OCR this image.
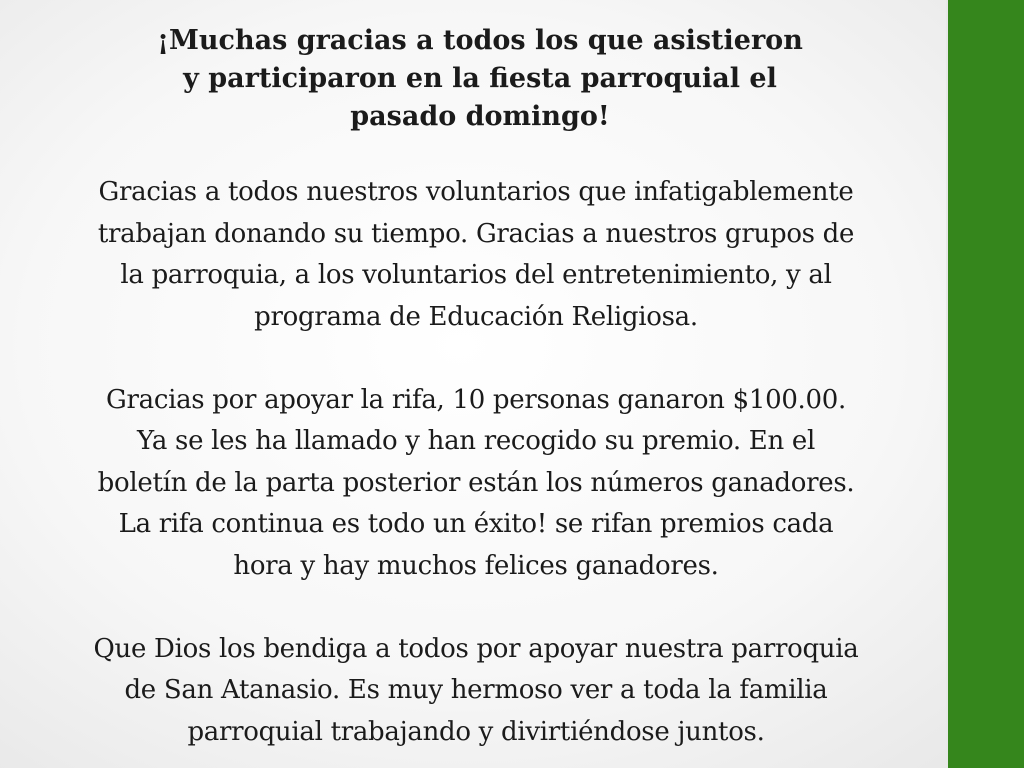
¡Muchas gracias a todos los que asistieron
y participaron en la fiesta parroquial el
pasado domingo!
Gracias a todos nuestros voluntarios que infatigablemente
trabajan donando su tiempo. Gracias a nuestros grupos de
la parroquia, a los voluntarios del entretenimiento, y al
programa de Educación Religiosa.
Gracias por apoyar la rifa, 10 personas ganaron $100.00.
Ya se les ha llamado y han recogido su premio. En el
boletín de la parta posterior están los números ganadores.
La rifa continua es todo un éxito! se rifan premios cada
hora y hay muchos felices ganadores.
Que Dios los bendiga a todos por apoyar nuestra parroquia
de San Atanasio. Es muy hermoso ver a toda la familia
parroquial trabajando y divirtiéndose juntos.
